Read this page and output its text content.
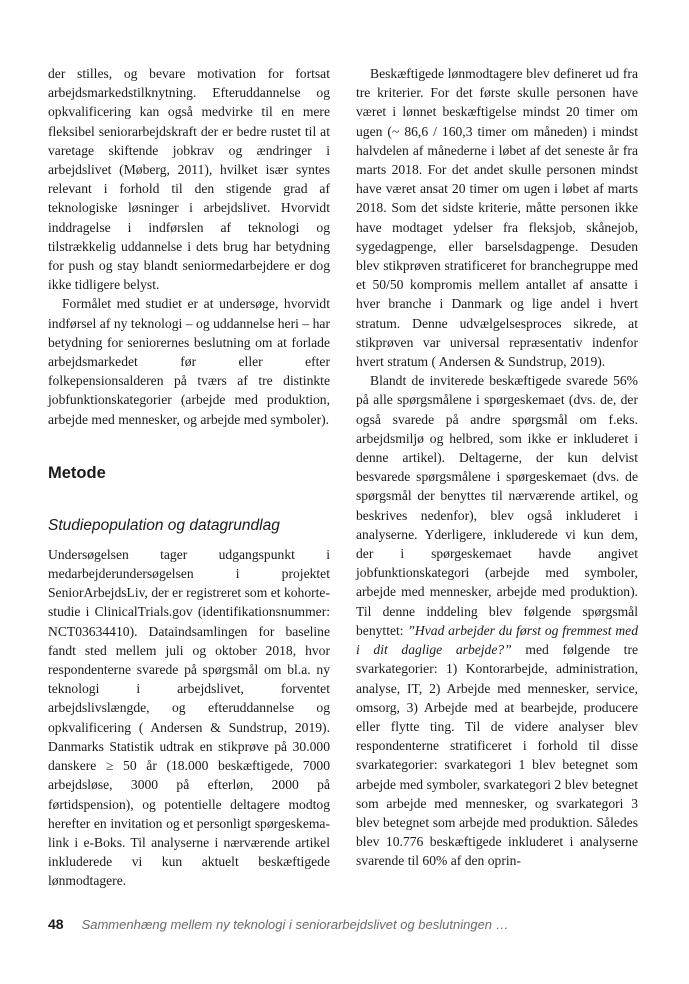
der stilles, og bevare motivation for fortsat arbejdsmarkedstilknytning. Efteruddannelse og opkvalificering kan også medvirke til en mere fleksibel seniorarbejdskraft der er bedre rustet til at varetage skiftende jobkrav og ændringer i arbejdslivet (Møberg, 2011), hvilket især syntes relevant i forhold til den stigende grad af teknologiske løsninger i arbejdslivet. Hvorvidt inddragelse i indførslen af teknologi og tilstrækkelig uddannelse i dets brug har betydning for push og stay blandt seniormedarbejdere er dog ikke tidligere belyst.

Formålet med studiet er at undersøge, hvorvidt indførsel af ny teknologi – og uddannelse heri – har betydning for seniorernes beslutning om at forlade arbejdsmarkedet før eller efter folkepensionsalderen på tværs af tre distinkte jobfunktionskategorier (arbejde med produktion, arbejde med mennesker, og arbejde med symboler).

Metode
Studiepopulation og datagrundlag

Undersøgelsen tager udgangspunkt i medarbejderundersøgelsen i projektet SeniorArbejdsLiv, der er registreret som et kohorte-studie i ClinicalTrials.gov (identifikationsnummer: NCT03634410). Dataindsamlingen for baseline fandt sted mellem juli og oktober 2018, hvor respondenterne svarede på spørgsmål om bl.a. ny teknologi i arbejdslivet, forventet arbejdslivslængde, og efteruddannelse og opkvalificering ( Andersen & Sundstrup, 2019). Danmarks Statistik udtrak en stikprøve på 30.000 danskere ≥ 50 år (18.000 beskæftigede, 7000 arbejdsløse, 3000 på efterløn, 2000 på førtidspension), og potentielle deltagere modtog herefter en invitation og et personligt spørgeskema-link i e-Boks. Til analyserne i nærværende artikel inkluderede vi kun aktuelt beskæftigede lønmodtagere.

Beskæftigede lønmodtagere blev defineret ud fra tre kriterier. For det første skulle personen have været i lønnet beskæftigelse mindst 20 timer om ugen (~ 86,6 / 160,3 timer om måneden) i mindst halvdelen af månederne i løbet af det seneste år fra marts 2018. For det andet skulle personen mindst have været ansat 20 timer om ugen i løbet af marts 2018. Som det sidste kriterie, måtte personen ikke have modtaget ydelser fra fleksjob, skånejob, sygedagpenge, eller barselsdagpenge. Desuden blev stikprøven stratificeret for branchegruppe med et 50/50 kompromis mellem antallet af ansatte i hver branche i Danmark og lige andel i hvert stratum. Denne udvælgelsesproces sikrede, at stikprøven var universal repræsentativ indenfor hvert stratum ( Andersen & Sundstrup, 2019).

Blandt de inviterede beskæftigede svarede 56% på alle spørgsmålene i spørgeskemaet (dvs. de, der også svarede på andre spørgsmål om f.eks. arbejdsmiljø og helbred, som ikke er inkluderet i denne artikel). Deltagerne, der kun delvist besvarede spørgsmålene i spørgeskemaet (dvs. de spørgsmål der benyttes til nærværende artikel, og beskrives nedenfor), blev også inkluderet i analyserne. Yderligere, inkluderede vi kun dem, der i spørgeskemaet havde angivet jobfunktionskategori (arbejde med symboler, arbejde med mennesker, arbejde med produktion). Til denne inddeling blev følgende spørgsmål benyttet: ”Hvad arbejder du først og fremmest med i dit daglige arbejde?” med følgende tre svarkategorier: 1) Kontorarbejde, administration, analyse, IT, 2) Arbejde med mennesker, service, omsorg, 3) Arbejde med at bearbejde, producere eller flytte ting. Til de videre analyser blev respondenterne stratificeret i forhold til disse svarkategorier: svarkategori 1 blev betegnet som arbejde med symboler, svarkategori 2 blev betegnet som arbejde med mennesker, og svarkategori 3 blev betegnet som arbejde med produktion. Således blev 10.776 beskæftigede inkluderet i analyserne svarende til 60% af den oprin-

48 Sammenhæng mellem ny teknologi i seniorarbejdslivet og beslutningen …
